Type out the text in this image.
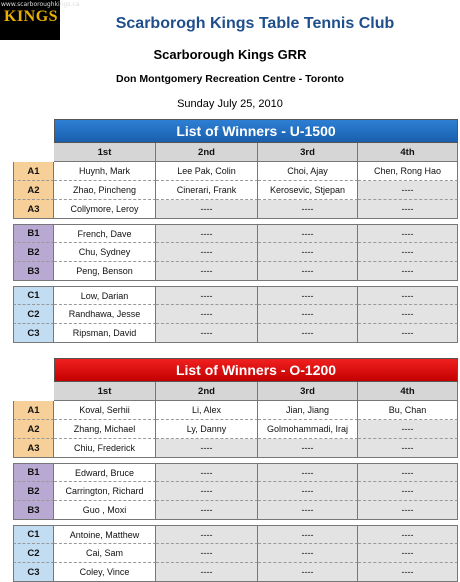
www.scarboroughkings.ca
KINGS	Scarborogh Kings Table Tennis Club
Scarborough Kings GRR
Don Montgomery Recreation Centre - Toronto
Sunday July 25, 2010
List of Winners - U-1500
1st	2nd	3rd	4th
A1	Huynh, Mark	Lee Pak, Colin	Choi, Ajay	Chen, Rong Hao
A2	Zhao, Pincheng	Cinerari, Frank	Kerosevic, Stjepan	----
A3	Collymore, Leroy	----	----	----
B1	French, Dave	----	----	----
B2	Chu, Sydney	----	----	----
B3	Peng, Benson	----	----	----
C1	Low, Darian	----	----	----
C2	Randhawa, Jesse	----	----	----
C3	Ripsman, David	----	----	----
List of Winners - O-1200
1st	2nd	3rd	4th
A1	Koval, Serhii	Li, Alex	Jian, Jiang	Bu, Chan
A2	Zhang, Michael	Ly, Danny	Golmohammadi, Iraj	----
A3	Chiu, Frederick	----	----	----
B1	Edward, Bruce	----	----	----
B2	Carrington, Richard	----	----	----
B3	Guo , Moxi	----	----	----
C1	Antoine, Matthew	----	----	----
C2	Cai, Sam	----	----	----
C3	Coley, Vince	----	----	----
